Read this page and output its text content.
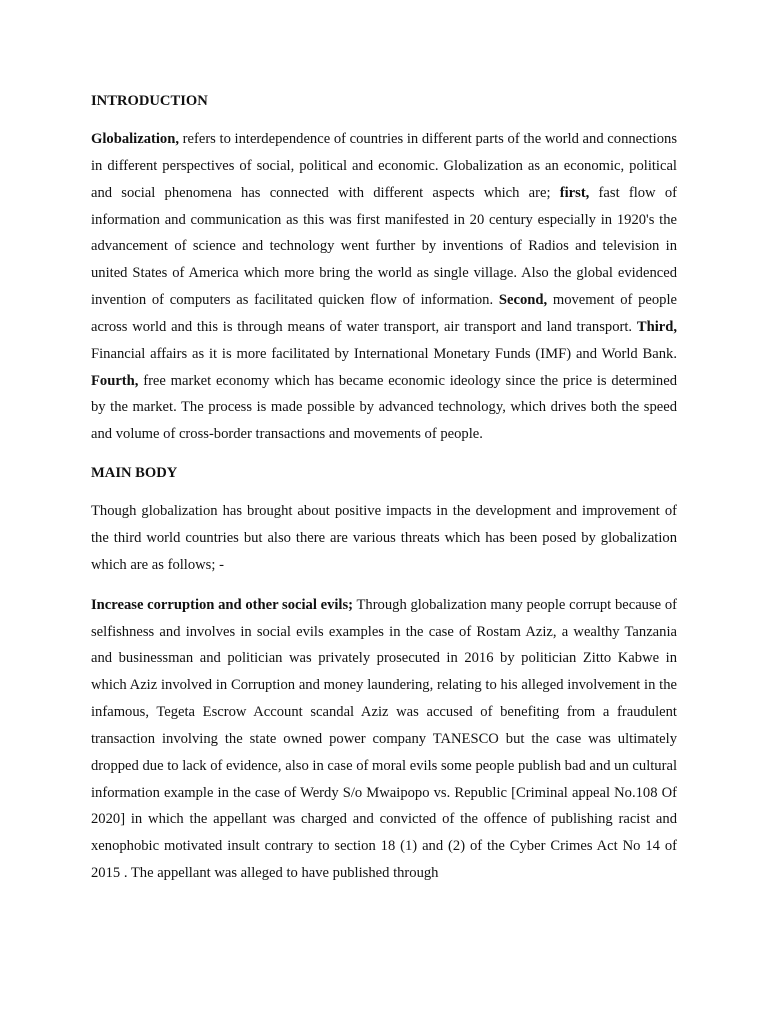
INTRODUCTION

Globalization, refers to interdependence of countries in different parts of the world and connections in different perspectives of social, political and economic. Globalization as an economic, political and social phenomena has connected with different aspects which are; first, fast flow of information and communication as this was first manifested in 20 century especially in 1920's the advancement of science and technology went further by inventions of Radios and television in united States of America which more bring the world as single village. Also the global evidenced invention of computers as facilitated quicken flow of information. Second, movement of people across world and this is through means of water transport, air transport and land transport. Third, Financial affairs as it is more facilitated by International Monetary Funds (IMF) and World Bank. Fourth, free market economy which has became economic ideology since the price is determined by the market. The process is made possible by advanced technology, which drives both the speed and volume of cross-border transactions and movements of people.

MAIN BODY

Though globalization has brought about positive impacts in the development and improvement of the third world countries but also there are various threats which has been posed by globalization which are as follows; -

Increase corruption and other social evils; Through globalization many people corrupt because of selfishness and involves in social evils examples in the case of Rostam Aziz, a wealthy Tanzania and businessman and politician was privately prosecuted in 2016 by politician Zitto Kabwe in which Aziz involved in Corruption and money laundering, relating to his alleged involvement in the infamous, Tegeta Escrow Account scandal Aziz was accused of benefiting from a fraudulent transaction involving the state owned power company TANESCO but the case was ultimately dropped due to lack of evidence, also in case of moral evils some people publish bad and un cultural information example in the case of Werdy S/o Mwaipopo vs. Republic [Criminal appeal No.108 Of 2020] in which the appellant was charged and convicted of the offence of publishing racist and xenophobic motivated insult contrary to section 18 (1) and (2) of the Cyber Crimes Act No 14 of 2015 . The appellant was alleged to have published through
